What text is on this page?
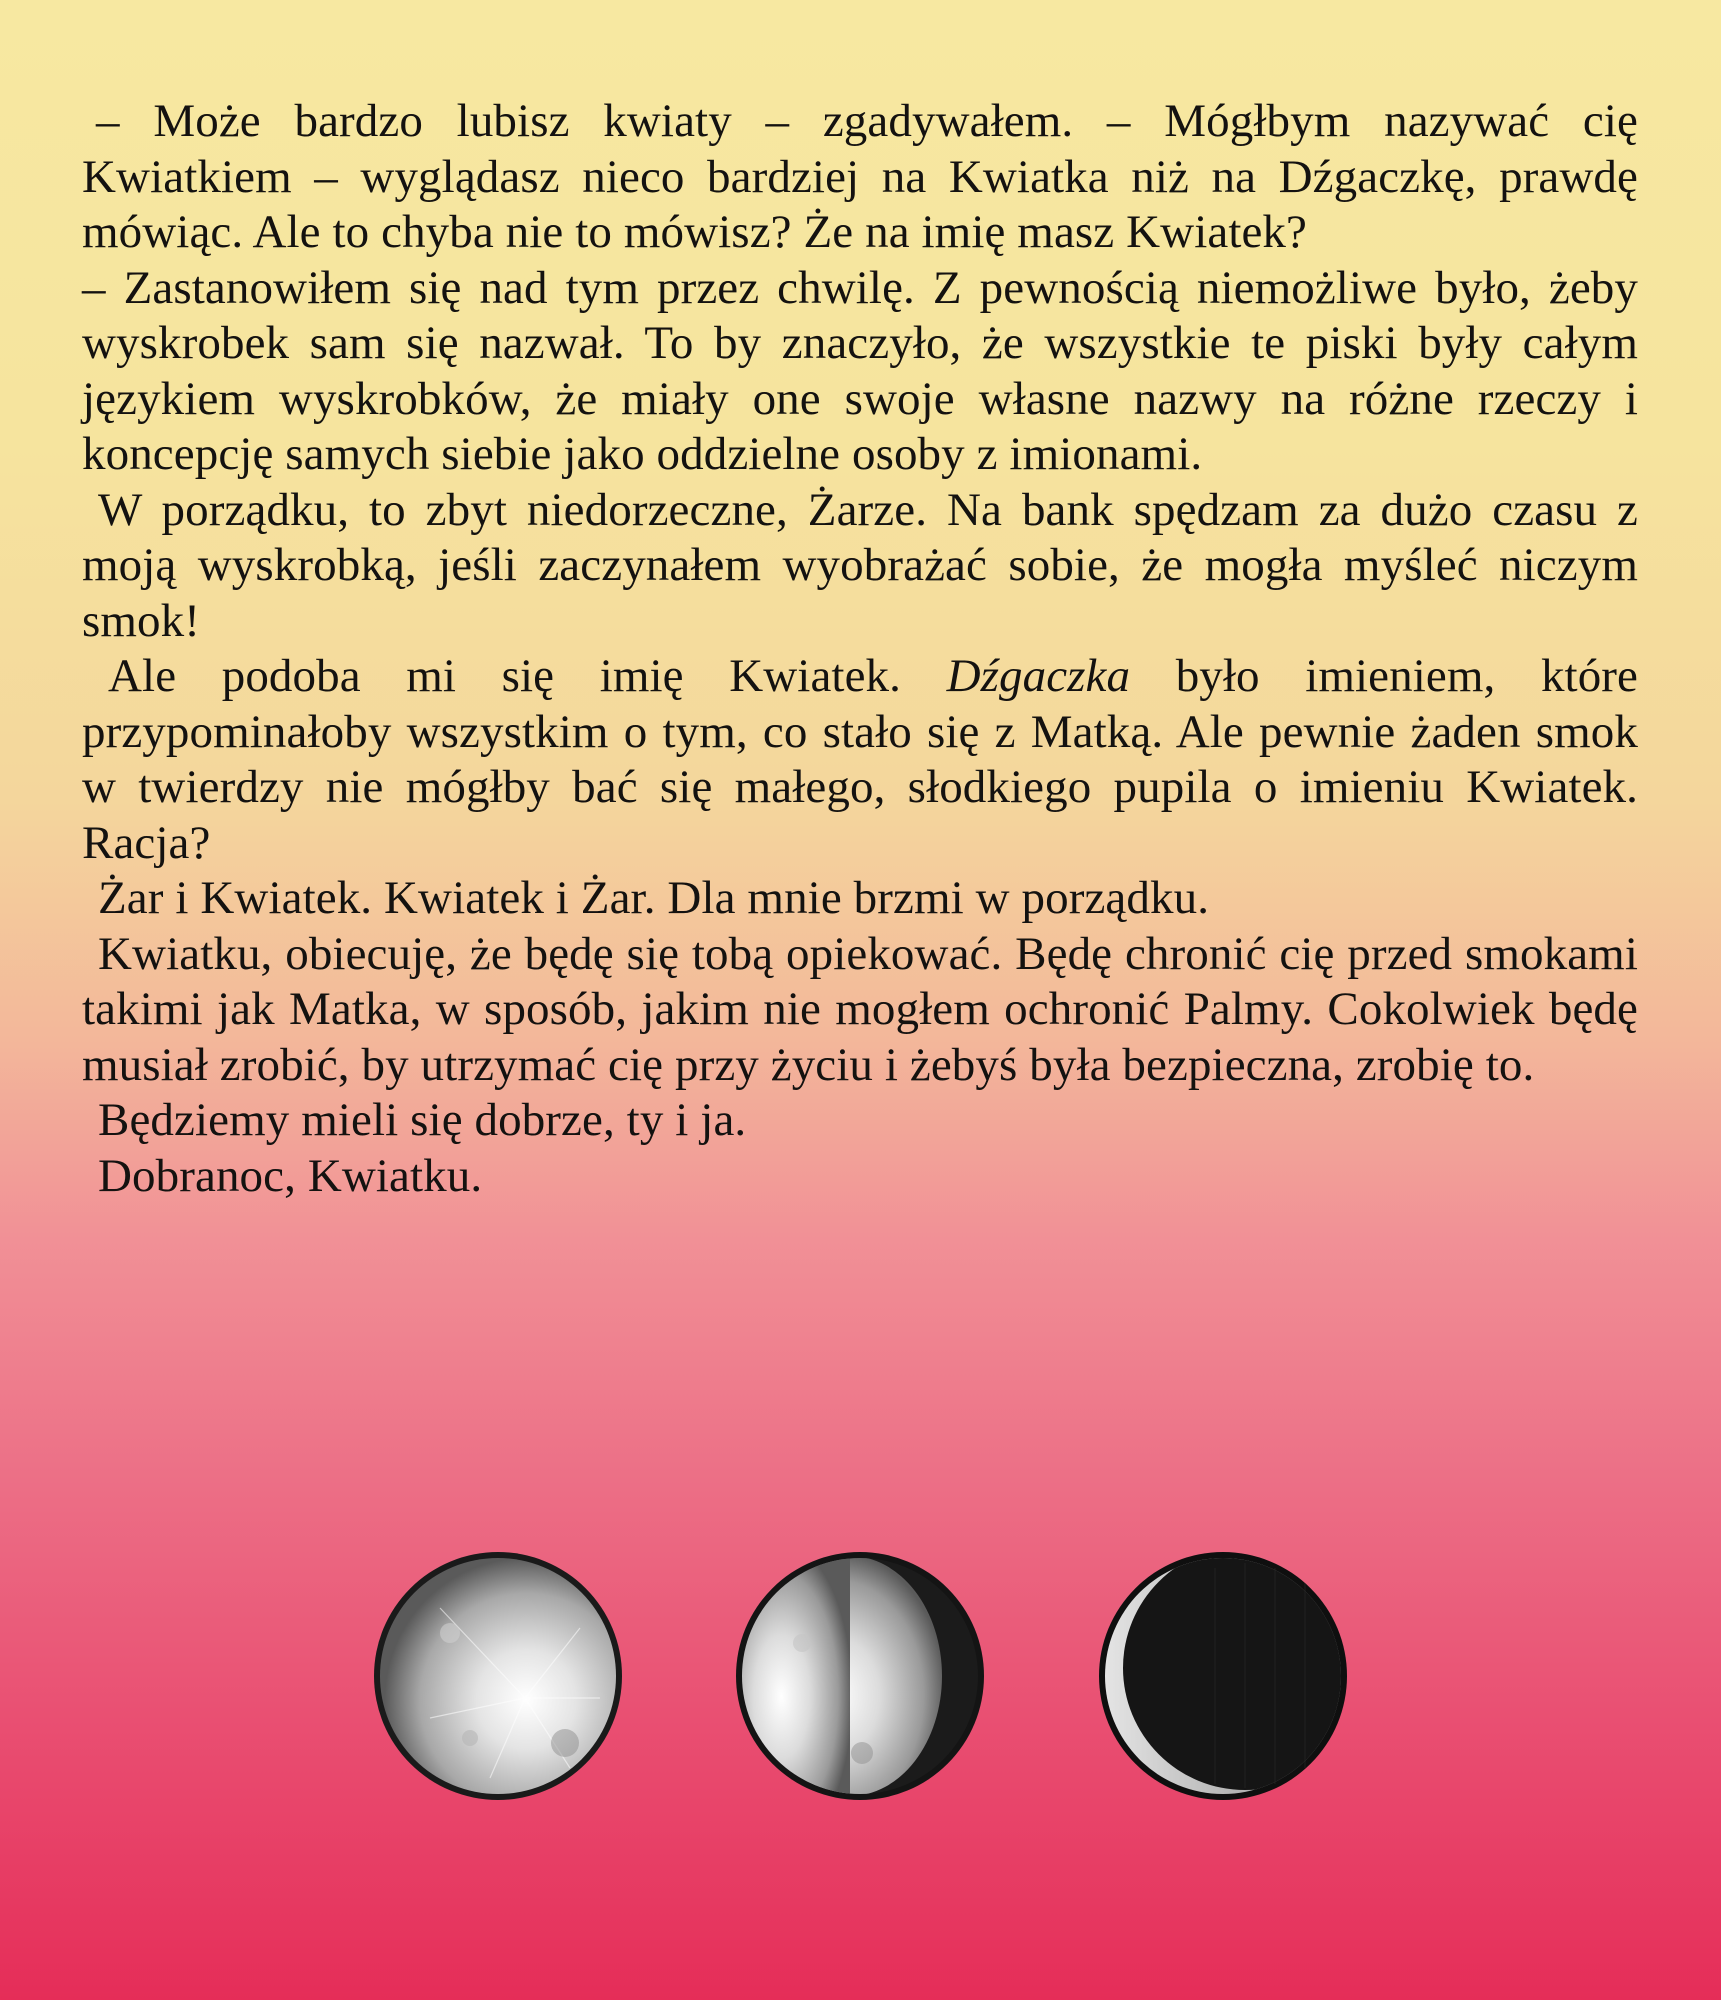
– Może bardzo lubisz kwiaty – zgadywałem. – Mógłbym nazywać cię Kwiatkiem – wyglądasz nieco bardziej na Kwiatka niż na Dźgaczkę, prawdę mówiąc. Ale to chyba nie to mówisz? Że na imię masz Kwiatek?

– Zastanowiłem się nad tym przez chwilę. Z pewnością niemożliwe było, żeby wyskrobek sam się nazwał. To by znaczyło, że wszystkie te piski były całym językiem wyskrobków, że miały one swoje własne nazwy na różne rzeczy i koncepcję samych siebie jako oddzielne osoby z imionami.

W porządku, to zbyt niedorzeczne, Żarze. Na bank spędzam za dużo czasu z moją wyskrobką, jeśli zaczynałem wyobrażać sobie, że mogła myśleć niczym smok!

Ale podoba mi się imię Kwiatek. Dźgaczka było imieniem, które przypominałoby wszystkim o tym, co stało się z Matką. Ale pewnie żaden smok w twierdzy nie mógłby bać się małego, słodkiego pupila o imieniu Kwiatek. Racja?

Żar i Kwiatek. Kwiatek i Żar. Dla mnie brzmi w porządku.

Kwiatku, obiecuję, że będę się tobą opiekować. Będę chronić cię przed smokami takimi jak Matka, w sposób, jakim nie mogłem ochronić Palmy. Cokolwiek będę musiał zrobić, by utrzymać cię przy życiu i żebyś była bezpieczna, zrobię to.

Będziemy mieli się dobrze, ty i ja.

Dobranoc, Kwiatku.
